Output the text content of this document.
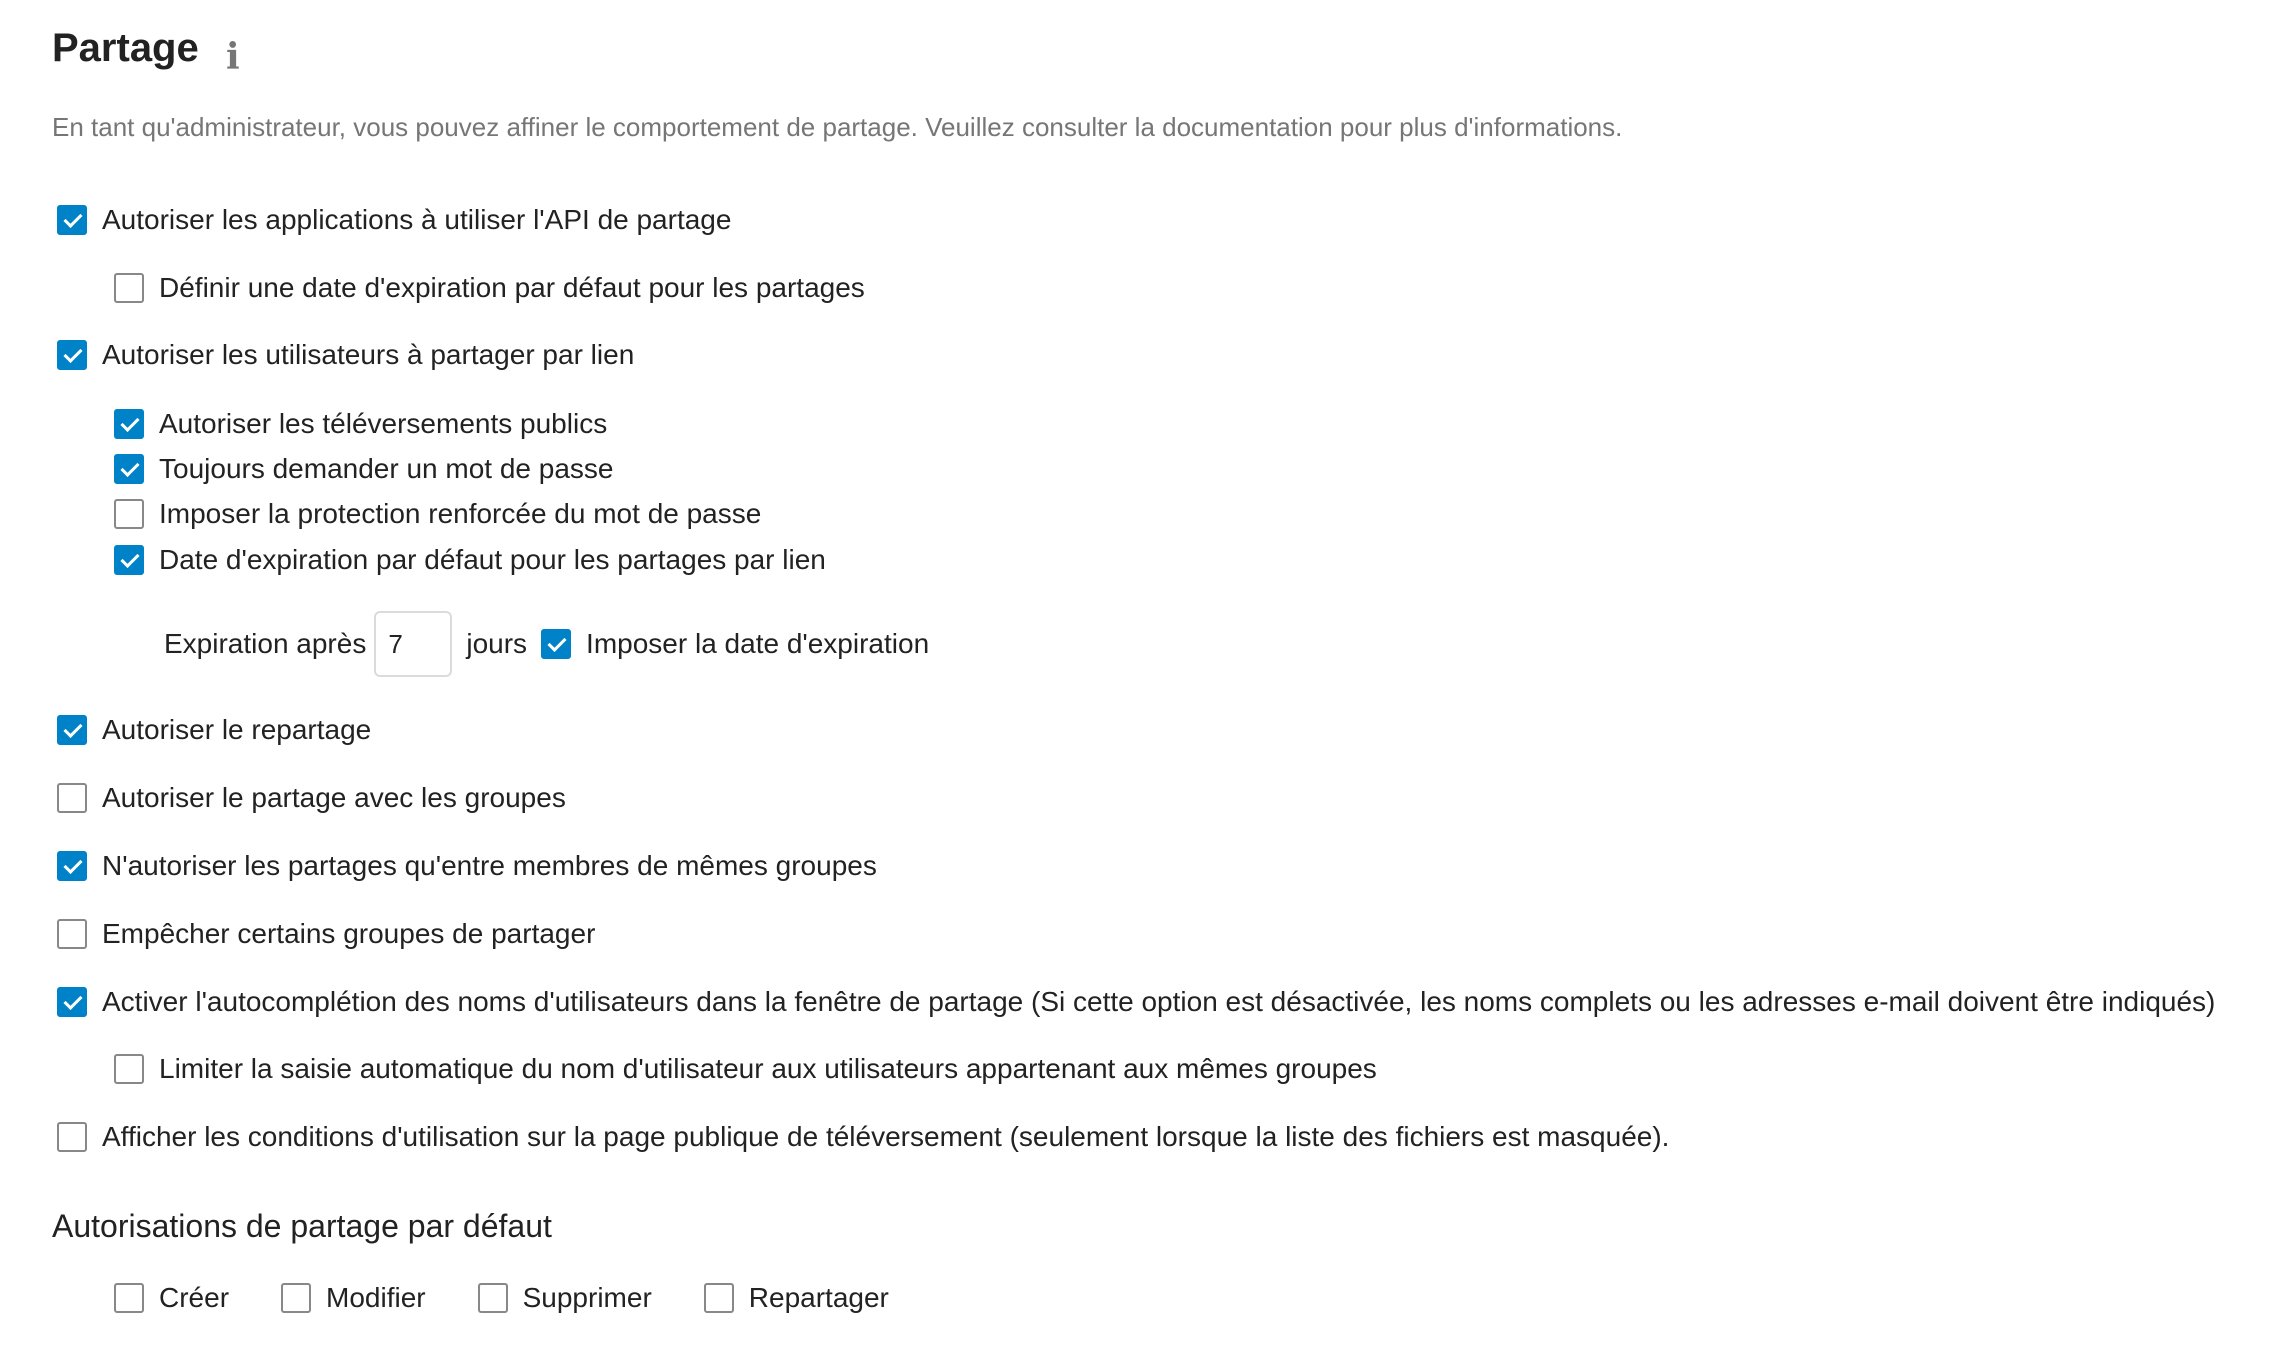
Partage i
En tant qu'administrateur, vous pouvez affiner le comportement de partage. Veuillez consulter la documentation pour plus d'informations.
Autoriser les applications à utiliser l'API de partage
Définir une date d'expiration par défaut pour les partages
Autoriser les utilisateurs à partager par lien
Autoriser les téléversements publics
Toujours demander un mot de passe
Imposer la protection renforcée du mot de passe
Date d'expiration par défaut pour les partages par lien
Expiration après
7	jours Imposer la date d'expiration
Autoriser le repartage
Autoriser le partage avec les groupes
N'autoriser les partages qu'entre membres de mêmes groupes
Empêcher certains groupes de partager
Activer l'autocomplétion des noms d'utilisateurs dans la fenêtre de partage (Si cette option est désactivée, les noms complets ou les adresses e-mail doivent être indiqués)
Limiter la saisie automatique du nom d'utilisateur aux utilisateurs appartenant aux mêmes groupes
Afficher les conditions d'utilisation sur la page publique de téléversement (seulement lorsque la liste des fichiers est masquée).
Autorisations de partage par défaut
Créer	Modifier	Supprimer	Repartager
